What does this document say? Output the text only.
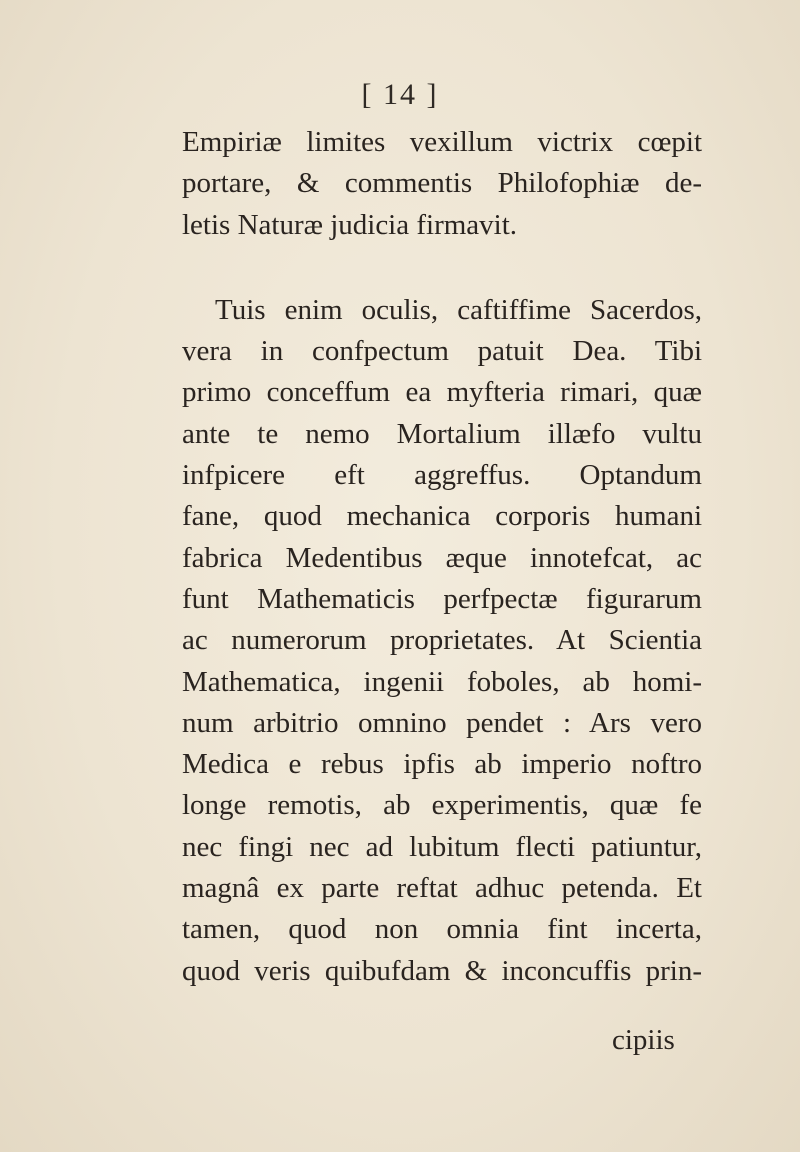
[ 14 ]
Empiriæ limites vexillum victrix cœpit
portare, & commentis Philofophiæ de-
letis Naturæ judicia firmavit.
Tuis enim oculis, caftiffime Sacerdos,
vera in confpectum patuit Dea. Tibi
primo conceffum ea myfteria rimari, quæ
ante te nemo Mortalium illæfo vultu
infpicere eft aggreffus. Optandum
fane, quod mechanica corporis humani
fabrica Medentibus æque innotefcat, ac
funt Mathematicis perfpectæ figurarum
ac numerorum proprietates. At Scientia
Mathematica, ingenii foboles, ab homi-
num arbitrio omnino pendet : Ars vero
Medica e rebus ipfis ab imperio noftro
longe remotis, ab experimentis, quæ fe
nec fingi nec ad lubitum flecti patiuntur,
magnâ ex parte reftat adhuc petenda. Et
tamen, quod non omnia fint incerta,
quod veris quibufdam & inconcuffis prin-
cipiis
